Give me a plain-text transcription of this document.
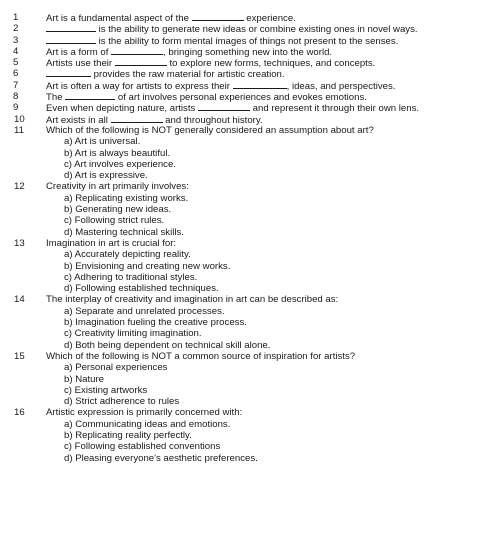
1	Art is a fundamental aspect of the	experience.
2	is the ability to generate new ideas or combine existing ones in novel ways.
3	is the ability to form mental images of things not present to the senses.
4	Art is a form of	, bringing something new into the world.
5	Artists use their	to explore new forms, techniques, and concepts.
6	provides the raw material for artistic creation.
7	Art is often a way for artists to express their	, ideas, and perspectives.
8	The	of art involves personal experiences and evokes emotions.
9	Even when depicting nature, artists	and represent it through their own lens.
10	Art exists in all	and throughout history.
11	Which of the following is NOT generally considered an assumption about art?
a) Art is universal.
b) Art is always beautiful.
c) Art involves experience.
d) Art is expressive.
12	Creativity in art primarily involves:
a) Replicating existing works.
b) Generating new ideas.
c) Following strict rules.
d) Mastering technical skills.
13	Imagination in art is crucial for:
a) Accurately depicting reality.
b) Envisioning and creating new works.
c) Adhering to traditional styles.
d) Following established techniques.
14	The interplay of creativity and imagination in art can be described as:
a) Separate and unrelated processes.
b) Imagination fueling the creative process.
c) Creativity limiting imagination.
d) Both being dependent on technical skill alone.
15	Which of the following is NOT a common source of inspiration for artists?
a) Personal experiences
b) Nature
c) Existing artworks
d) Strict adherence to rules
16	Artistic expression is primarily concerned with:
a) Communicating ideas and emotions.
b) Replicating reality perfectly.
c) Following established conventions
d) Pleasing everyone's aesthetic preferences.
